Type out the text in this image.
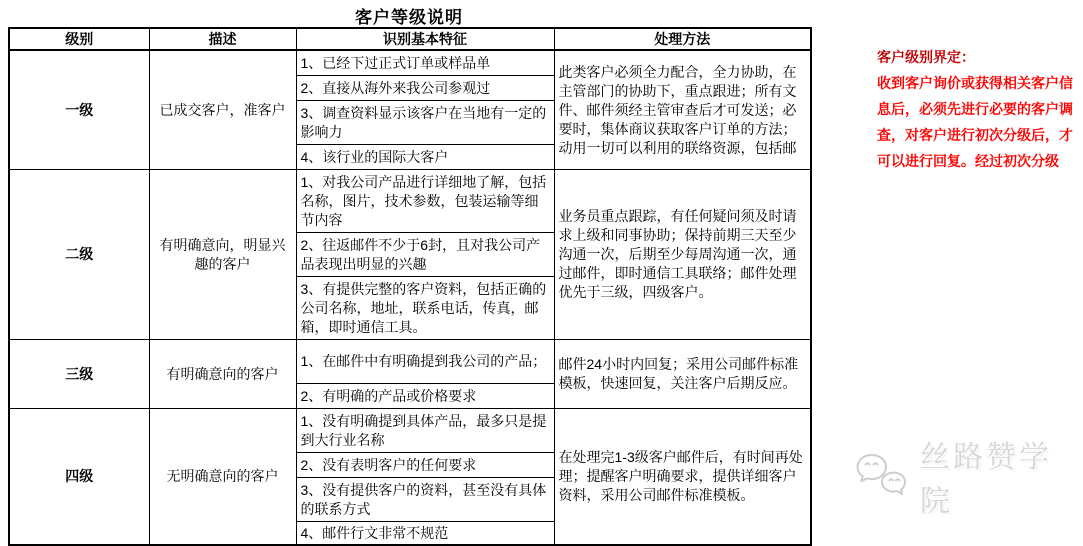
客户等级说明
级别	描述	识别基本特征	处理方法
一级	已成交客户，准客户	1、已经下过正式订单或样品单	此类客户必须全力配合，全力协助，在主管部门的协助下，重点跟进；所有文件、邮件须经主管审查后才可发送；必要时，集体商议获取客户订单的方法；动用一切可以利用的联络资源，包括邮
		2、直接从海外来我公司参观过	
		3、调查资料显示该客户在当地有一定的影响力	
		4、该行业的国际大客户	
二级	有明确意向，明显兴趣的客户	1、对我公司产品进行详细地了解，包括名称，图片，技术参数，包装运输等细节内容	业务员重点跟踪，有任何疑问须及时请求上级和同事协助；保持前期三天至少沟通一次，后期至少每周沟通一次，通过邮件，即时通信工具联络；邮件处理优先于三级，四级客户。
		2、往返邮件不少于6封，且对我公司产品表现出明显的兴趣	
		3、有提供完整的客户资料，包括正确的公司名称，地址，联系电话，传真，邮箱，即时通信工具。	
三级	有明确意向的客户	1、在邮件中有明确提到我公司的产品；	邮件24小时内回复；采用公司邮件标准模板，快速回复，关注客户后期反应。
		2、有明确的产品或价格要求	
四级	无明确意向的客户	1、没有明确提到具体产品，最多只是提到大行业名称	在处理完1-3级客户邮件后，有时间再处理；提醒客户明确要求，提供详细客户资料，采用公司邮件标准模板。
		2、没有表明客户的任何要求	
		3、没有提供客户的资料，甚至没有具体的联系方式	
		4、邮件行文非常不规范	
客户级别界定：
收到客户询价或获得相关客户信息后，必须先进行必要的客户调查，对客户进行初次分级后，才可以进行回复。经过初次分级
丝路赞学院
